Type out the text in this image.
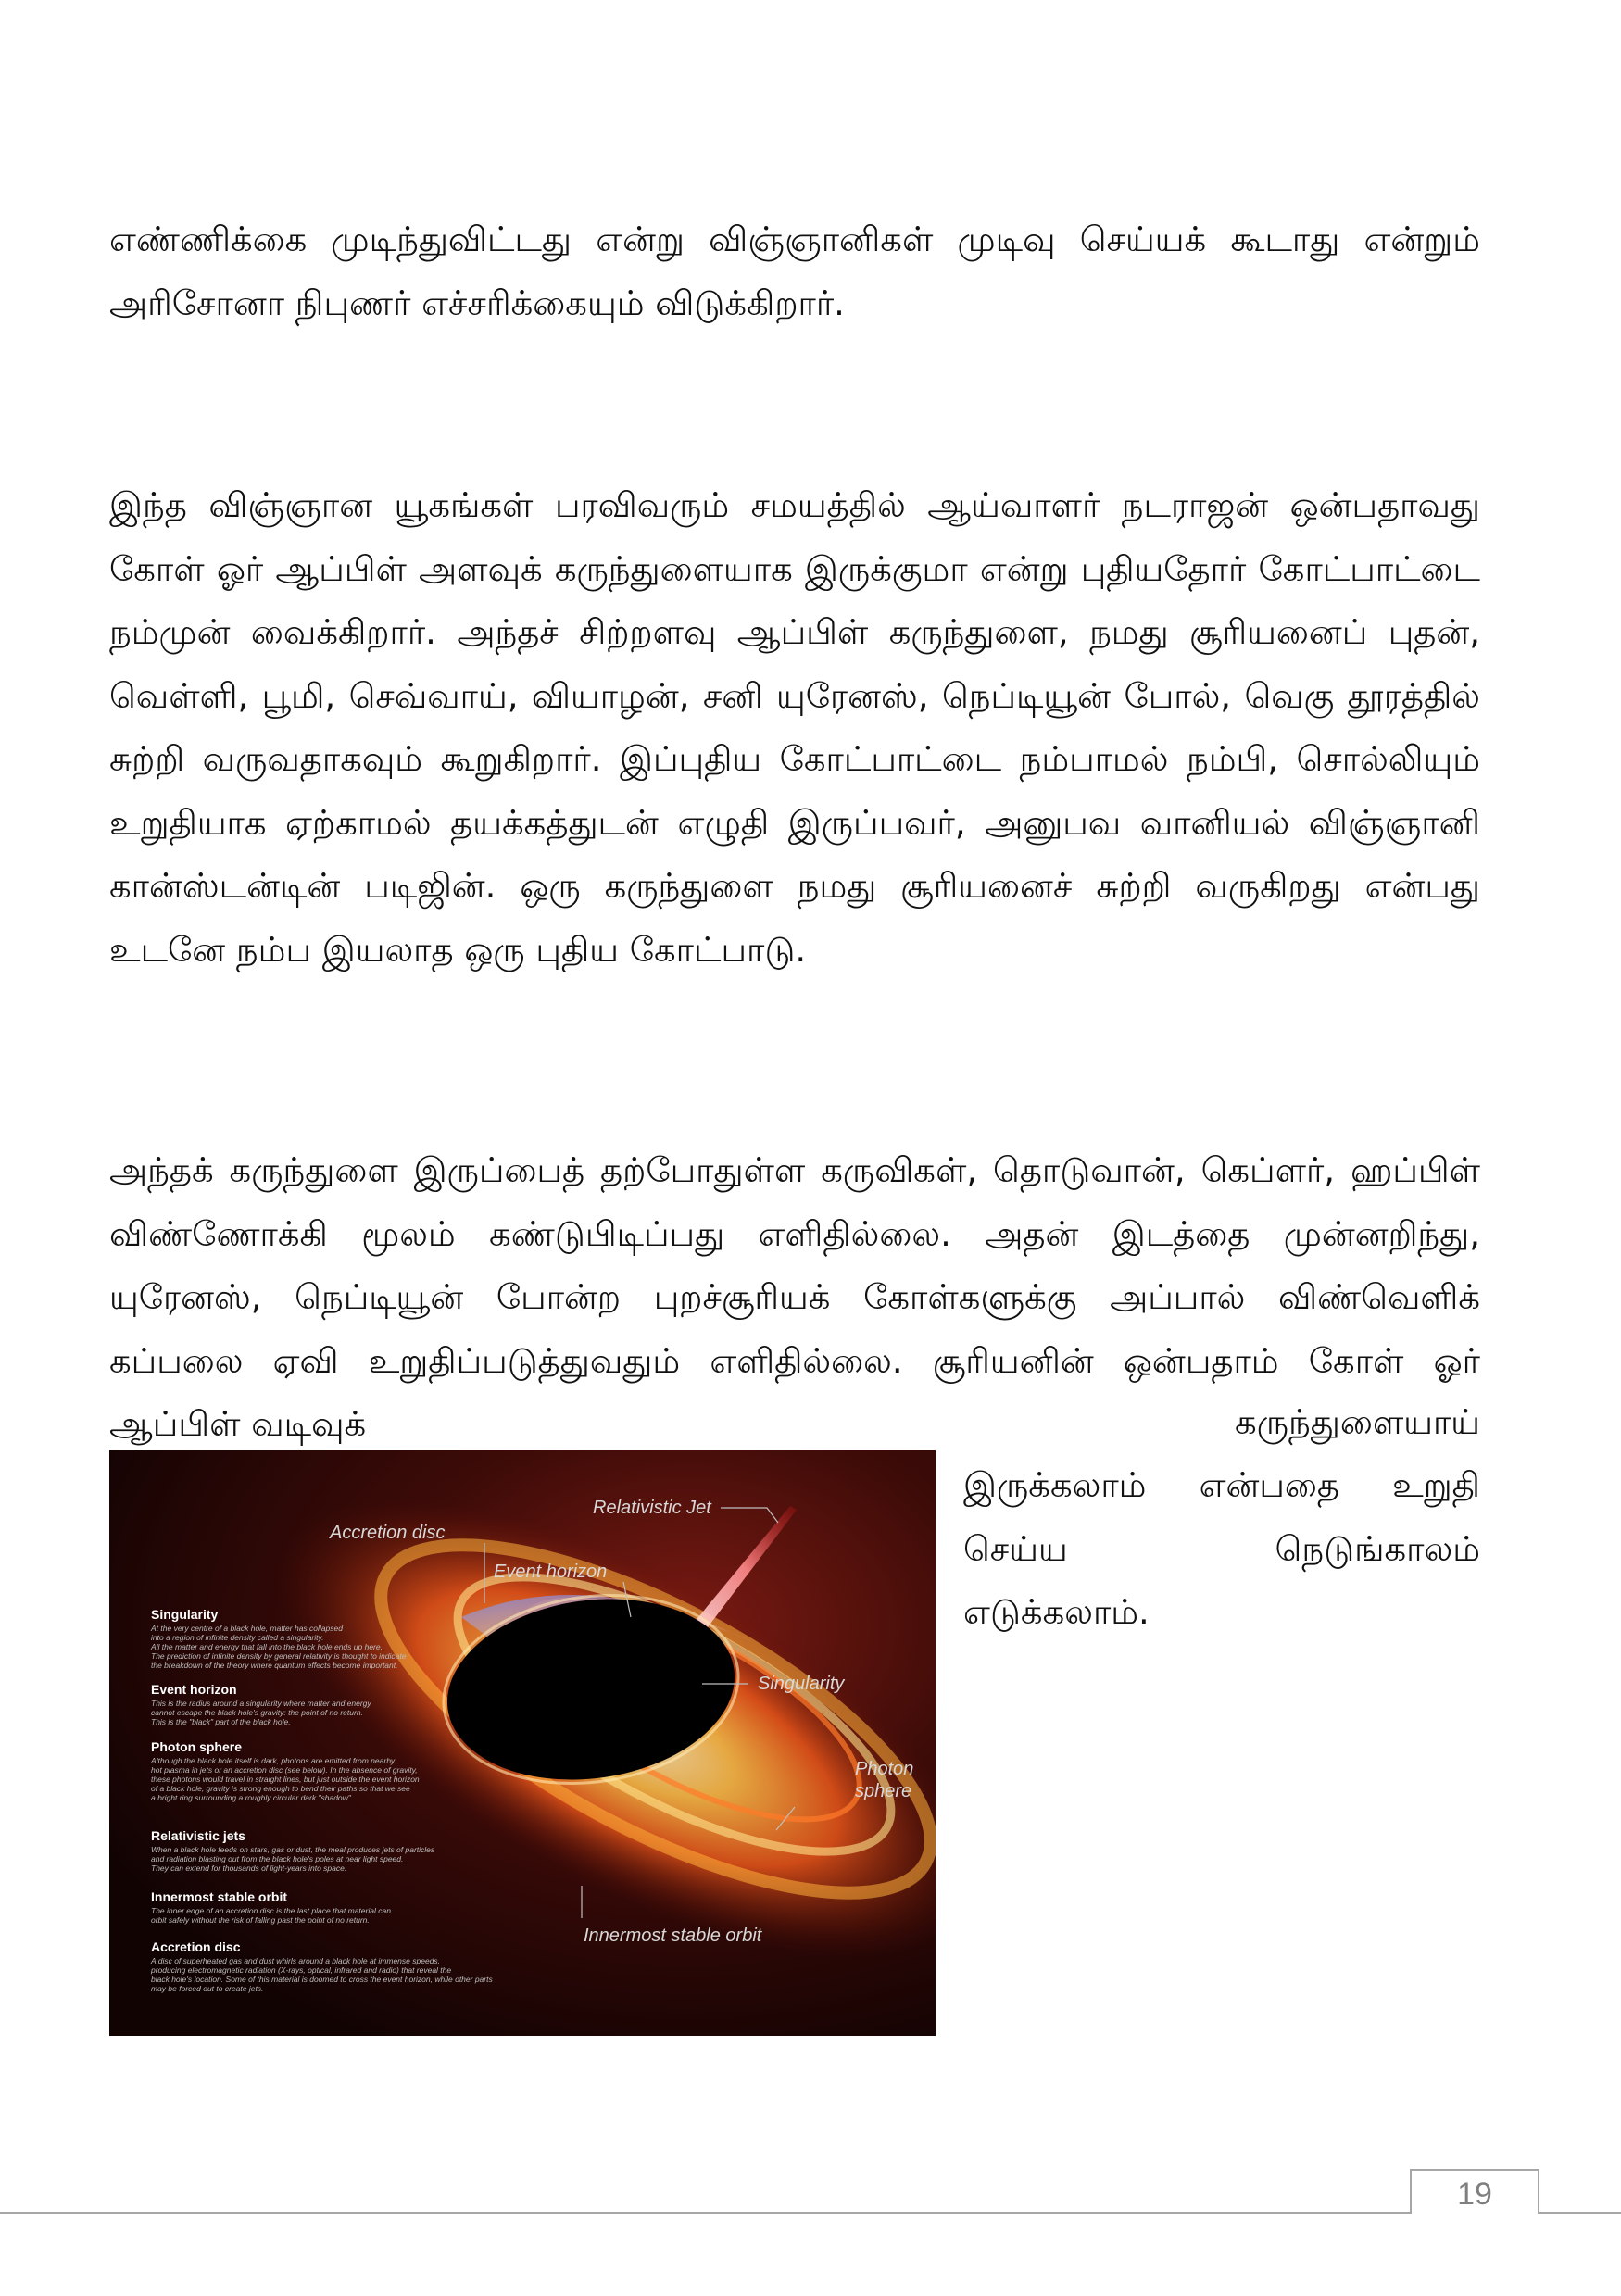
எண்ணிக்கை முடிந்துவிட்டது என்று விஞ்ஞானிகள் முடிவு செய்யக் கூடாது என்றும் அரிசோனா நிபுணர் எச்சரிக்கையும் விடுக்கிறார்.

இந்த விஞ்ஞான யூகங்கள் பரவிவரும் சமயத்தில் ஆய்வாளர் நடராஜன் ஒன்பதாவது கோள் ஓர் ஆப்பிள் அளவுக் கருந்துளையாக இருக்குமா என்று புதியதோர் கோட்பாட்டை நம்முன் வைக்கிறார். அந்தச் சிற்றளவு ஆப்பிள் கருந்துளை, நமது சூரியனைப் புதன், வெள்ளி, பூமி, செவ்வாய், வியாழன், சனி யுரேனஸ், நெப்டியூன் போல், வெகு தூரத்தில் சுற்றி வருவதாகவும் கூறுகிறார். இப்புதிய கோட்பாட்டை நம்பாமல் நம்பி, சொல்லியும் உறுதியாக ஏற்காமல் தயக்கத்துடன் எழுதி இருப்பவர், அனுபவ வானியல் விஞ்ஞானி கான்ஸ்டன்டின் படிஜின். ஒரு கருந்துளை நமது சூரியனைச் சுற்றி வருகிறது என்பது உடனே நம்ப இயலாத ஒரு புதிய கோட்பாடு.

அந்தக் கருந்துளை இருப்பைத் தற்போதுள்ள கருவிகள், தொடுவான், கெப்ளர், ஹப்பிள் விண்ணோக்கி மூலம் கண்டுபிடிப்பது எளிதில்லை. அதன் இடத்தை முன்னறிந்து, யுரேனஸ், நெப்டியூன் போன்ற புறச்சூரியக் கோள்களுக்கு அப்பால் விண்வெளிக் கப்பலை ஏவி உறுதிப்படுத்துவதும் எளிதில்லை. சூரியனின் ஒன்பதாம் கோள் ஓர் ஆப்பிள் வடிவுக்	கருந்துளையாய்

இருக்கலாம் என்பதை உறுதி செய்ய நெடுங்காலம் எடுக்கலாம்.

Relativistic Jet
Accretion disc
Event horizon
Singularity
Photon
sphere
Innermost stable orbit
Singularity
At the very centre of a black hole, matter has collapsed
into a region of infinite density called a singularity.
All the matter and energy that fall into the black hole ends up here.
The prediction of infinite density by general relativity is thought to indicate
the breakdown of the theory where quantum effects become important.
Event horizon
This is the radius around a singularity where matter and energy
cannot escape the black hole's gravity: the point of no return.
This is the "black" part of the black hole.
Photon sphere
Although the black hole itself is dark, photons are emitted from nearby
hot plasma in jets or an accretion disc (see below). In the absence of gravity,
these photons would travel in straight lines, but just outside the event horizon
of a black hole, gravity is strong enough to bend their paths so that we see
a bright ring surrounding a roughly circular dark "shadow".
Relativistic jets
When a black hole feeds on stars, gas or dust, the meal produces jets of particles
and radiation blasting out from the black hole's poles at near light speed.
They can extend for thousands of light-years into space.
Innermost stable orbit
The inner edge of an accretion disc is the last place that material can
orbit safely without the risk of falling past the point of no return.
Accretion disc
A disc of superheated gas and dust whirls around a black hole at immense speeds,
producing electromagnetic radiation (X-rays, optical, infrared and radio) that reveal the
black hole's location. Some of this material is doomed to cross the event horizon, while other parts
may be forced out to create jets.
19
